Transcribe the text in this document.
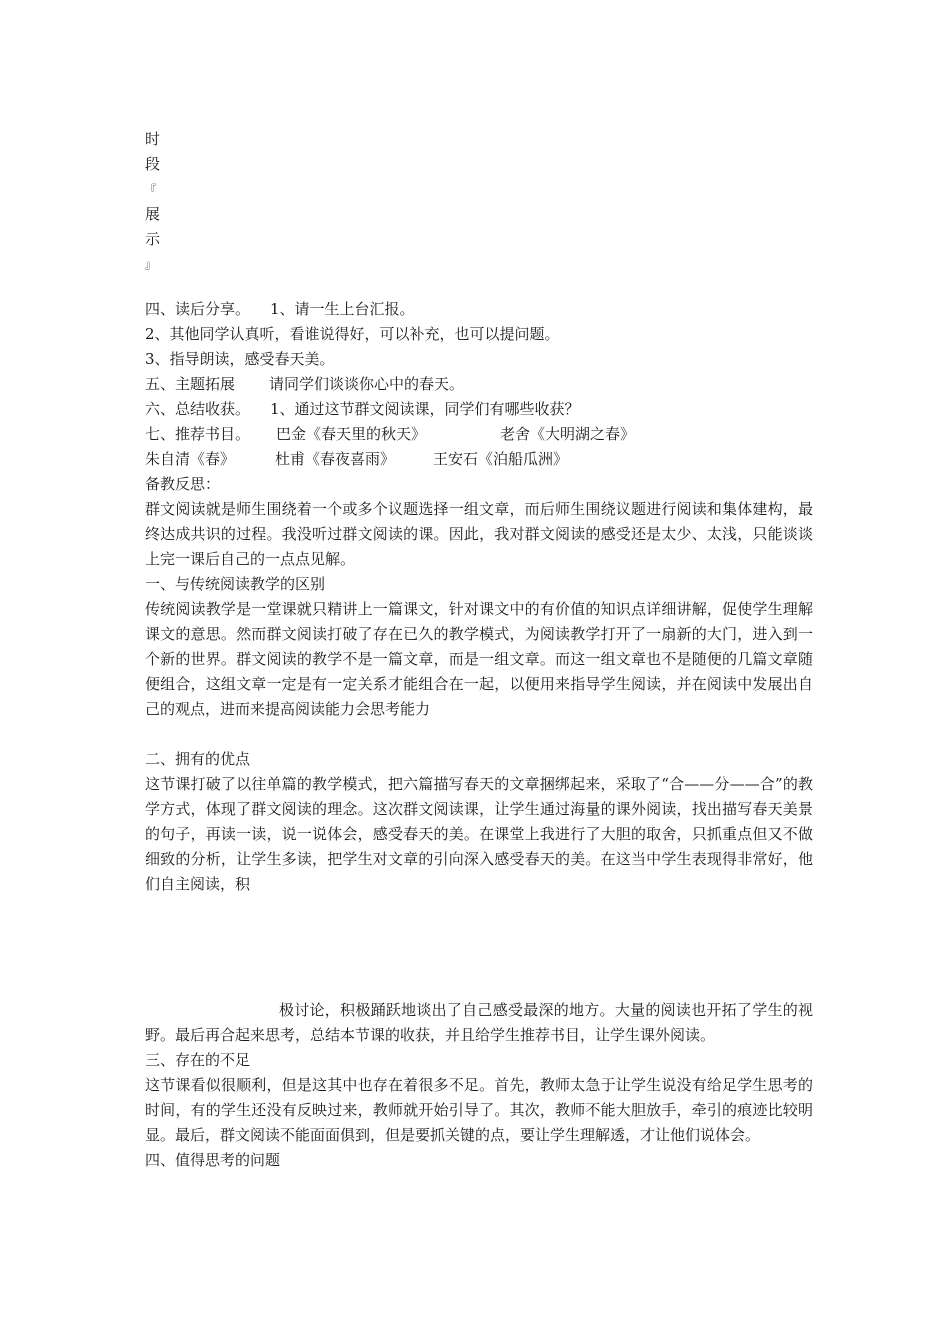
时
段
『
展
示
』
四、读后分享。 1、请一生上台汇报。
2、其他同学认真听，看谁说得好，可以补充，也可以提问题。
3、指导朗读，感受春天美。
五、主题拓展 请同学们谈谈你心中的春天。
六、总结收获。 1、通过这节群文阅读课，同学们有哪些收获？
七、推荐书目。 巴金《春天里的秋天》	老舍《大明湖之春》
朱自清《春》	杜甫《春夜喜雨》	王安石《泊船瓜洲》
备教反思：

群文阅读就是师生围绕着一个或多个议题选择一组文章，而后师生围绕议题进行阅读和集体建构，最终达成共识的过程。我没听过群文阅读的课。因此，我对群文阅读的感受还是太少、太浅，只能谈谈上完一课后自己的一点点见解。

一、与传统阅读教学的区别

传统阅读教学是一堂课就只精讲上一篇课文，针对课文中的有价值的知识点详细讲解，促使学生理解课文的意思。然而群文阅读打破了存在已久的教学模式，为阅读教学打开了一扇新的大门，进入到一个新的世界。群文阅读的教学不是一篇文章，而是一组文章。而这一组文章也不是随便的几篇文章随便组合，这组文章一定是有一定关系才能组合在一起，以便用来指导学生阅读，并在阅读中发展出自己的观点，进而来提高阅读能力会思考能力

二、拥有的优点

这节课打破了以往单篇的教学模式，把六篇描写春天的文章捆绑起来，采取了“合——分——合”的教学方式，体现了群文阅读的理念。这次群文阅读课，让学生通过海量的课外阅读，找出描写春天美景的句子，再读一读，说一说体会，感受春天的美。在课堂上我进行了大胆的取舍，只抓重点但又不做细致的分析，让学生多读，把学生对文章的引向深入感受春天的美。在这当中学生表现得非常好，他们自主阅读，积

极讨论，积极踊跃地谈出了自己感受最深的地方。大量的阅读也开拓了学生的视野。最后再合起来思考，总结本节课的收获，并且给学生推荐书目，让学生课外阅读。

三、存在的不足

这节课看似很顺利，但是这其中也存在着很多不足。首先，教师太急于让学生说没有给足学生思考的时间，有的学生还没有反映过来，教师就开始引导了。其次，教师不能大胆放手，牵引的痕迹比较明显。最后，群文阅读不能面面俱到，但是要抓关键的点，要让学生理解透，才让他们说体会。

四、值得思考的问题
